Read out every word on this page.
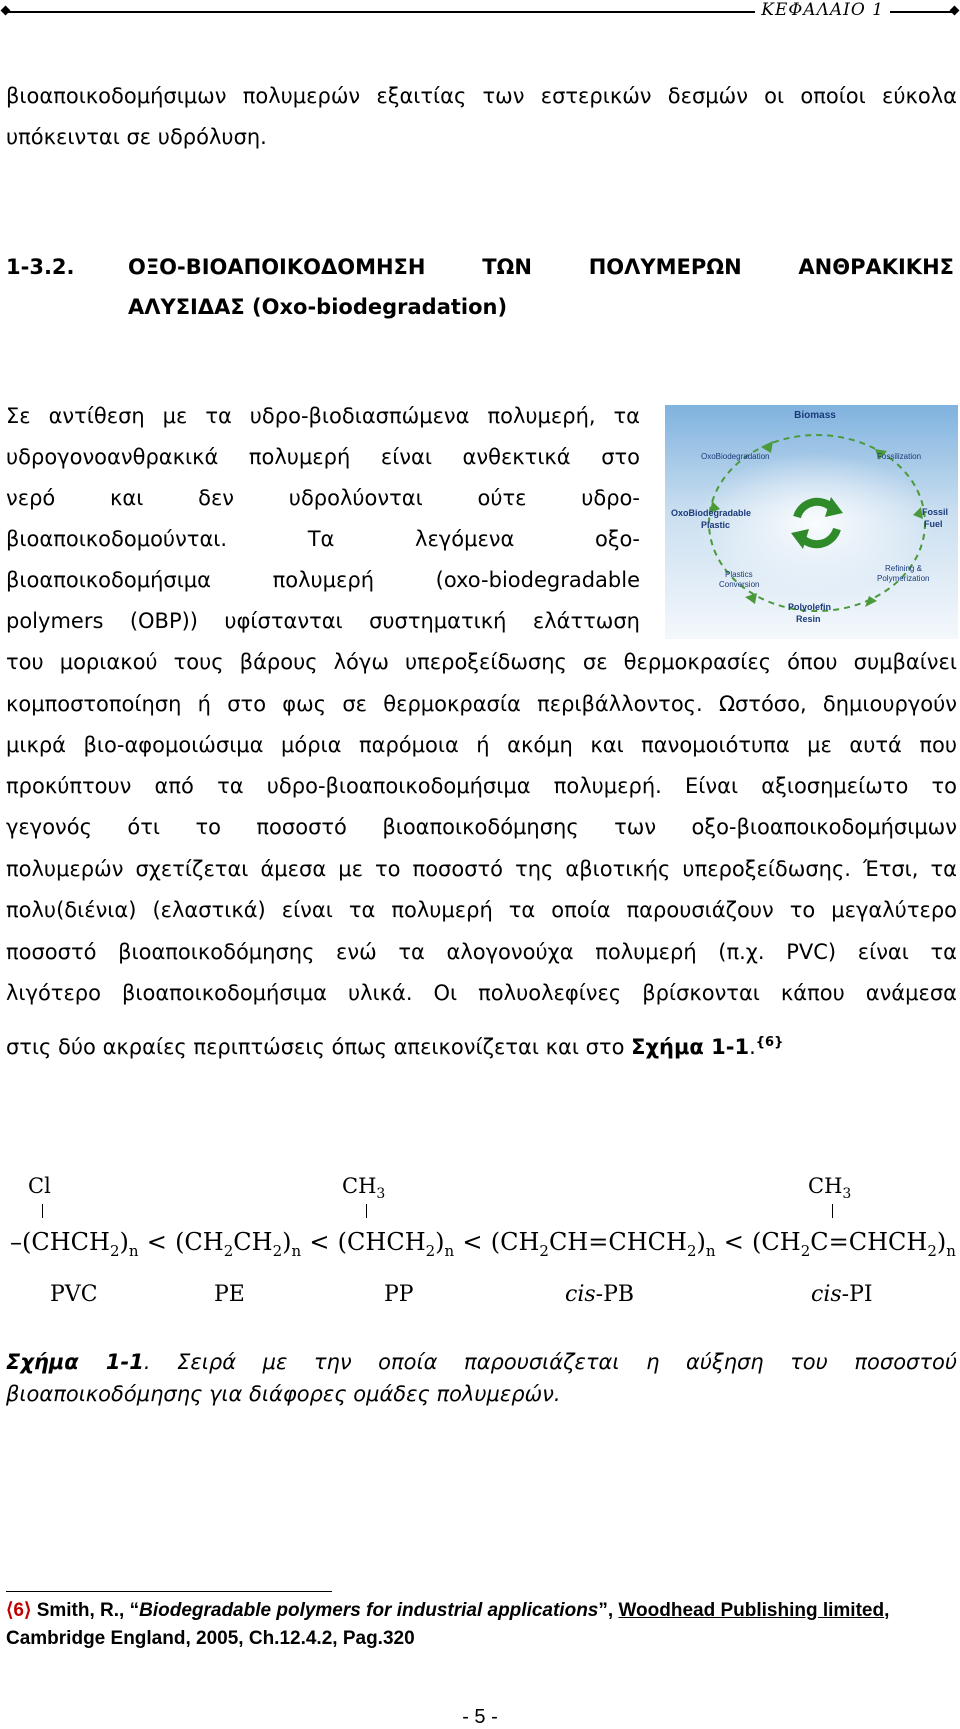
ΚΕΦΑΛΑΙΟ 1
βιοαποικοδομήσιμων πολυμερών εξαιτίας των εστερικών δεσμών οι οποίοι εύκολα
υπόκεινται σε υδρόλυση.
1-3.2.	ΟΞΟ-ΒΙΟΑΠΟΙΚΟΔΟΜΗΣΗ ΤΩΝ ΠΟΛΥΜΕΡΩΝ ΑΝΘΡΑΚΙΚΗΣ
ΑΛΥΣΙΔΑΣ (Oxo-biodegradation)
Σε αντίθεση με τα υδρο-βιοδιασπώμενα πολυμερή, τα
υδρογονοανθρακικά πολυμερή είναι ανθεκτικά στο
νερό και δεν υδρολύονται ούτε υδρο-
βιοαποικοδομούνται. Τα λεγόμενα οξο-
βιοαποικοδομήσιμα πολυμερή (oxo-biodegradable
polymers (OBP)) υφίστανται συστηματική ελάττωση
Biomass
OxoBiodegradation	Fossilization
OxoBiodegradable
Plastic
Fossil
Fuel
Plastics
Conversion
Refining &
Polymerization
Polyolefin
Resin
του μοριακού τους βάρους λόγω υπεροξείδωσης σε θερμοκρασίες όπου συμβαίνει
κομποστοποίηση ή στο φως σε θερμοκρασία περιβάλλοντος. Ωστόσο, δημιουργούν
μικρά βιο-αφομοιώσιμα μόρια παρόμοια ή ακόμη και πανομοιότυπα με αυτά που
προκύπτουν από τα υδρο-βιοαποικοδομήσιμα πολυμερή. Είναι αξιοσημείωτο το
γεγονός ότι το ποσοστό βιοαποικοδόμησης των οξο-βιοαποικοδομήσιμων
πολυμερών σχετίζεται άμεσα με το ποσοστό της αβιοτικής υπεροξείδωσης. Έτσι, τα
πολυ(διένια) (ελαστικά) είναι τα πολυμερή τα οποία παρουσιάζουν το μεγαλύτερο
ποσοστό βιοαποικοδόμησης ενώ τα αλογονούχα πολυμερή (π.χ. PVC) είναι τα
λιγότερο βιοαποικοδομήσιμα υλικά. Οι πολυολεφίνες βρίσκονται κάπου ανάμεσα
στις δύο ακραίες περιπτώσεις όπως απεικονίζεται και στο Σχήμα 1-1.$^{\{6\}}$
Cl	$CH_3$	$CH_3$
$-(CHCH_2)_n < (CH_2CH_2)_n$ < $(CHCH_2)_n$ < $(CH_2CH=CHCH_2)_n$ < $(CH_2C=CHCH_2)_n$
PVC	PE	PP	cis-PB	cis-PI
Σχήμα 1-1. Σειρά με την οποία παρουσιάζεται η αύξηση του ποσοστού
βιοαποικοδόμησης για διάφορες ομάδες πολυμερών.
⟨6⟩ Smith, R., “Biodegradable polymers for industrial applications”, Woodhead Publishing limited,
Cambridge England, 2005, Ch.12.4.2, Pag.320
- 5 -
